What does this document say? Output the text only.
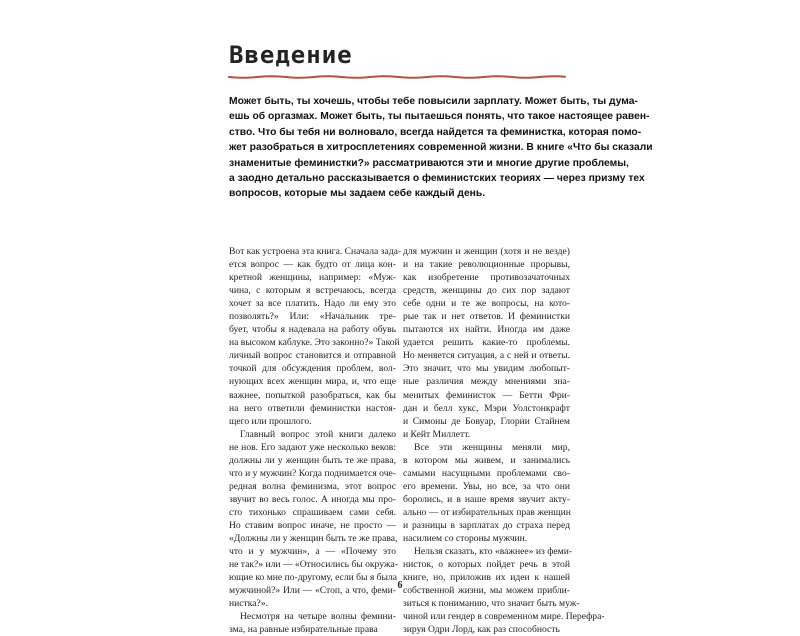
Введение
Может быть, ты хочешь, чтобы тебе повысили зарплату. Может быть, ты дума-
ешь об оргазмах. Может быть, ты пытаешься понять, что такое настоящее равен-
ство. Что бы тебя ни волновало, всегда найдется та феминистка, которая помо-
жет разобраться в хитросплетениях современной жизни. В книге «Что бы сказали
знаменитые феминистки?» рассматриваются эти и многие другие проблемы,
а заодно детально рассказывается о феминистских теориях — через призму тех
вопросов, которые мы задаем себе каждый день.
Вот как устроена эта книга. Сначала зада-
ется вопрос — как будто от лица кон-
кретной женщины, например: «Муж-
чина, с которым я встречаюсь, всегда
хочет за все платить. Надо ли ему это
позволять?» Или: «Начальник тре-
бует, чтобы я надевала на работу обувь
на высоком каблуке. Это законно?» Такой
личный вопрос становится и отправной
точкой для обсуждения проблем, вол-
нующих всех женщин мира, и, что еще
важнее, попыткой разобраться, как бы
на него ответили феминистки настоя-
щего или прошлого.
Главный вопрос этой книги далеко
не нов. Его задают уже несколько веков:
должны ли у женщин быть те же права,
что и у мужчин? Когда поднимается оче-
редная волна феминизма, этот вопрос
звучит во весь голос. А иногда мы про-
сто тихонько спрашиваем сами себя.
Но ставим вопрос иначе, не просто —
«Должны ли у женщин быть те же права,
что и у мужчин», а — «Почему это
не так?» или — «Относились бы окружа-
ющие ко мне по-другому, если бы я была
мужчиной?» Или — «Стоп, а что, феми-
нистка?».
Несмотря на четыре волны фемини-
зма, на равные избирательные права
для мужчин и женщин (хотя и не везде)
и на такие революционные прорывы,
как изобретение противозачаточных
средств, женщины до сих пор задают
себе одни и те же вопросы, на кото-
рые так и нет ответов. И феминистки
пытаются их найти. Иногда им даже
удается решить какие-то проблемы.
Но меняется ситуация, а с ней и ответы.
Это значит, что мы увидим любопыт-
ные различия между мнениями зна-
менитых феминисток — Бетти Фри-
дан и белл хукс, Мэри Уолстонкрафт
и Симоны де Бовуар, Глории Стайнем
и Кейт Миллетт.
Все эти женщины меняли мир,
в котором мы живем, и занимались
самыми насущными проблемами сво-
его времени. Увы, но все, за что они
боролись, и в наше время звучит акту-
ально — от избирательных прав женщин
и разницы в зарплатах до страха перед
насилием со стороны мужчин.
Нельзя сказать, кто «важнее» из феми-
нисток, о которых пойдет речь в этой
книге, но, приложив их идеи к нашей
собственной жизни, мы можем прибли-
зиться к пониманию, что значит быть муж-
чиной или гендер в современном мире. Перефра-
зируя Одри Лорд, как раз способность
6
